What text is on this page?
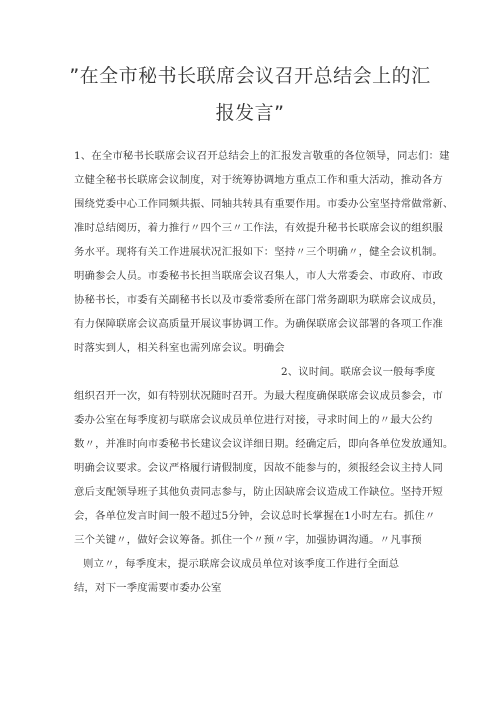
”在全市秘书长联席会议召开总结会上的汇
报发言”
1、在全市秘书长联席会议召开总结会上的汇报发言敬重的各位领导，同志们：建
立健全秘书长联席会议制度，对于统筹协调地方重点工作和重大活动，推动各方
围绕党委中心工作同频共振、同轴共转具有重要作用。市委办公室坚持常做常新、
准时总结阅历，着力推行〃四个三〃工作法，有效提升秘书长联席会议的组织服
务水平。现将有关工作进展状况汇报如下：坚持〃三个明确〃，健全会议机制。
明确参会人员。市委秘书长担当联席会议召集人，市人大常委会、市政府、市政
协秘书长，市委有关副秘书长以及市委常委所在部门常务副职为联席会议成员，
有力保障联席会议高质量开展议事协调工作。为确保联席会议部署的各项工作准
时落实到人，相关科室也需列席会议。明确会
2、议时间。联席会议一般每季度
组织召开一次，如有特别状况随时召开。为最大程度确保联席会议成员参会，市
委办公室在每季度初与联席会议成员单位进行对接，寻求时间上的〃最大公约
数〃，并准时向市委秘书长建议会议详细日期。经确定后，即向各单位发放通知。
明确会议要求。会议严格履行请假制度，因故不能参与的，须报经会议主持人同
意后支配领导班子其他负责同志参与，防止因缺席会议造成工作缺位。坚持开短
会，各单位发言时间一般不超过5分钟，会议总时长掌握在1小时左右。抓住〃
三个关键〃，做好会议筹备。抓住一个〃预〃字，加强协调沟通。〃凡事预
则立〃，每季度末，提示联席会议成员单位对该季度工作进行全面总
结，对下一季度需要市委办公室
